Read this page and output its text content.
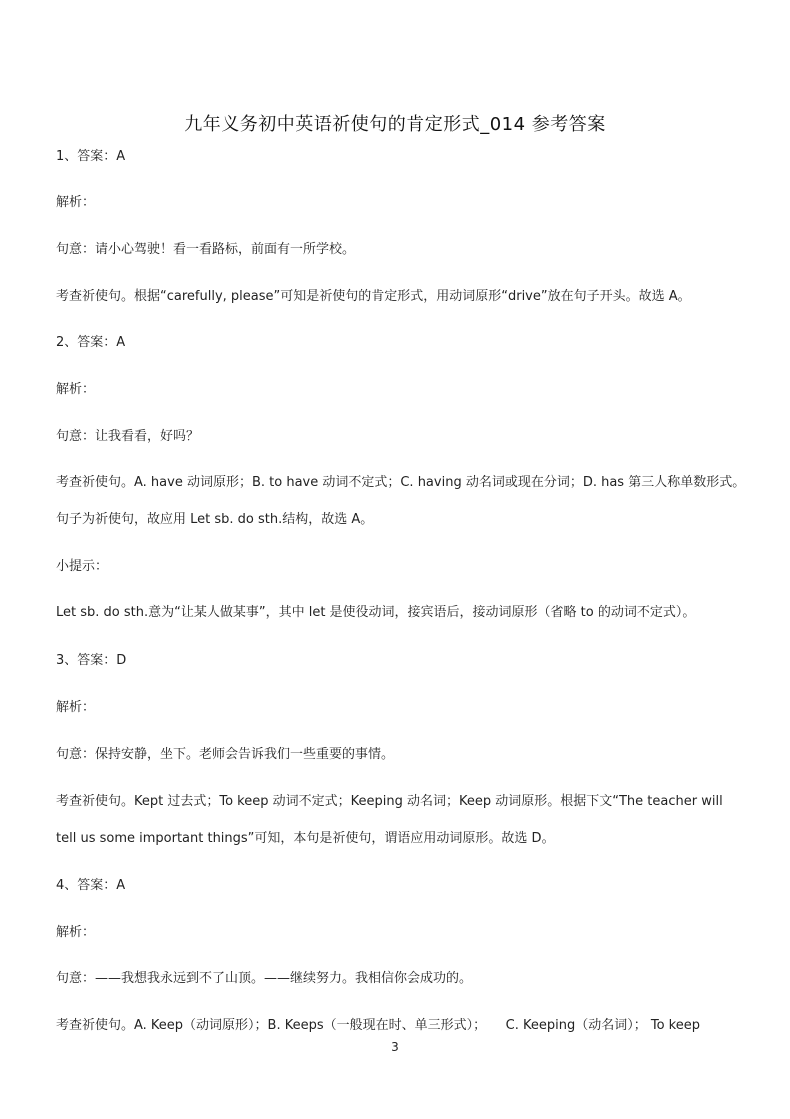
九年义务初中英语祈使句的肯定形式_014 参考答案
1、答案：A
解析：
句意：请小心驾驶！看一看路标，前面有一所学校。
考查祈使句。根据“carefully, please”可知是祈使句的肯定形式，用动词原形“drive”放在句子开头。故选 A。
2、答案：A
解析：
句意：让我看看，好吗？
考查祈使句。A. have 动词原形；B. to have 动词不定式；C. having 动名词或现在分词；D. has 第三人称单数形式。
句子为祈使句，故应用 Let sb. do sth.结构，故选 A。
小提示：
Let sb. do sth.意为“让某人做某事”，其中 let 是使役动词，接宾语后，接动词原形（省略 to 的动词不定式）。
3、答案：D
解析：
句意：保持安静，坐下。老师会告诉我们一些重要的事情。
考查祈使句。Kept 过去式；To keep 动词不定式；Keeping 动名词；Keep 动词原形。根据下文“The teacher will
tell us some important things”可知，本句是祈使句，谓语应用动词原形。故选 D。
4、答案：A
解析：
句意：——我想我永远到不了山顶。——继续努力。我相信你会成功的。
考查祈使句。A. Keep（动词原形）；B. Keeps（一般现在时、单三形式）；　　C. Keeping（动名词）； To keep
3
